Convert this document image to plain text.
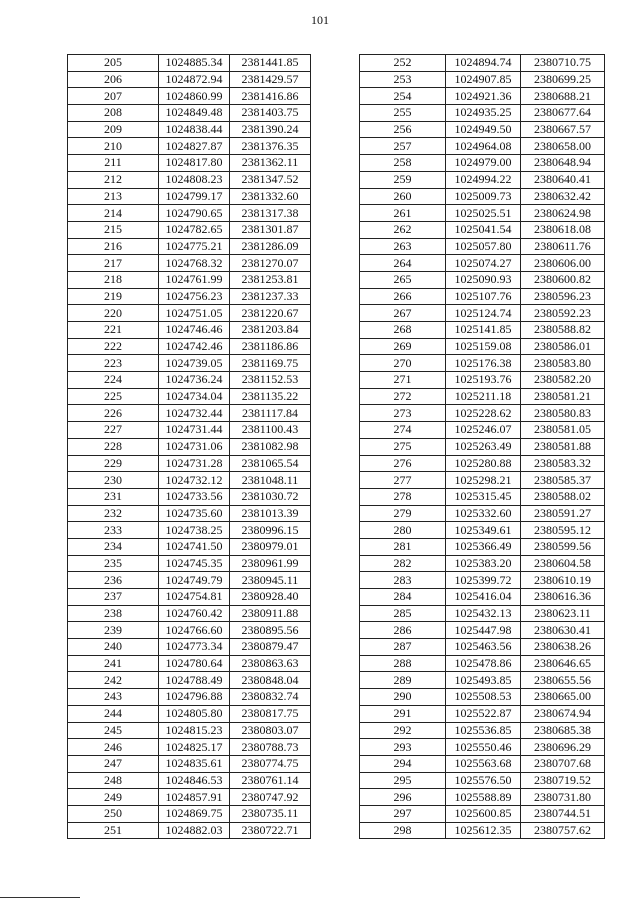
101
205	1024885.34	2381441.85
206	1024872.94	2381429.57
207	1024860.99	2381416.86
208	1024849.48	2381403.75
209	1024838.44	2381390.24
210	1024827.87	2381376.35
211	1024817.80	2381362.11
212	1024808.23	2381347.52
213	1024799.17	2381332.60
214	1024790.65	2381317.38
215	1024782.65	2381301.87
216	1024775.21	2381286.09
217	1024768.32	2381270.07
218	1024761.99	2381253.81
219	1024756.23	2381237.33
220	1024751.05	2381220.67
221	1024746.46	2381203.84
222	1024742.46	2381186.86
223	1024739.05	2381169.75
224	1024736.24	2381152.53
225	1024734.04	2381135.22
226	1024732.44	2381117.84
227	1024731.44	2381100.43
228	1024731.06	2381082.98
229	1024731.28	2381065.54
230	1024732.12	2381048.11
231	1024733.56	2381030.72
232	1024735.60	2381013.39
233	1024738.25	2380996.15
234	1024741.50	2380979.01
235	1024745.35	2380961.99
236	1024749.79	2380945.11
237	1024754.81	2380928.40
238	1024760.42	2380911.88
239	1024766.60	2380895.56
240	1024773.34	2380879.47
241	1024780.64	2380863.63
242	1024788.49	2380848.04
243	1024796.88	2380832.74
244	1024805.80	2380817.75
245	1024815.23	2380803.07
246	1024825.17	2380788.73
247	1024835.61	2380774.75
248	1024846.53	2380761.14
249	1024857.91	2380747.92
250	1024869.75	2380735.11
251	1024882.03	2380722.71
252	1024894.74	2380710.75
253	1024907.85	2380699.25
254	1024921.36	2380688.21
255	1024935.25	2380677.64
256	1024949.50	2380667.57
257	1024964.08	2380658.00
258	1024979.00	2380648.94
259	1024994.22	2380640.41
260	1025009.73	2380632.42
261	1025025.51	2380624.98
262	1025041.54	2380618.08
263	1025057.80	2380611.76
264	1025074.27	2380606.00
265	1025090.93	2380600.82
266	1025107.76	2380596.23
267	1025124.74	2380592.23
268	1025141.85	2380588.82
269	1025159.08	2380586.01
270	1025176.38	2380583.80
271	1025193.76	2380582.20
272	1025211.18	2380581.21
273	1025228.62	2380580.83
274	1025246.07	2380581.05
275	1025263.49	2380581.88
276	1025280.88	2380583.32
277	1025298.21	2380585.37
278	1025315.45	2380588.02
279	1025332.60	2380591.27
280	1025349.61	2380595.12
281	1025366.49	2380599.56
282	1025383.20	2380604.58
283	1025399.72	2380610.19
284	1025416.04	2380616.36
285	1025432.13	2380623.11
286	1025447.98	2380630.41
287	1025463.56	2380638.26
288	1025478.86	2380646.65
289	1025493.85	2380655.56
290	1025508.53	2380665.00
291	1025522.87	2380674.94
292	1025536.85	2380685.38
293	1025550.46	2380696.29
294	1025563.68	2380707.68
295	1025576.50	2380719.52
296	1025588.89	2380731.80
297	1025600.85	2380744.51
298	1025612.35	2380757.62
